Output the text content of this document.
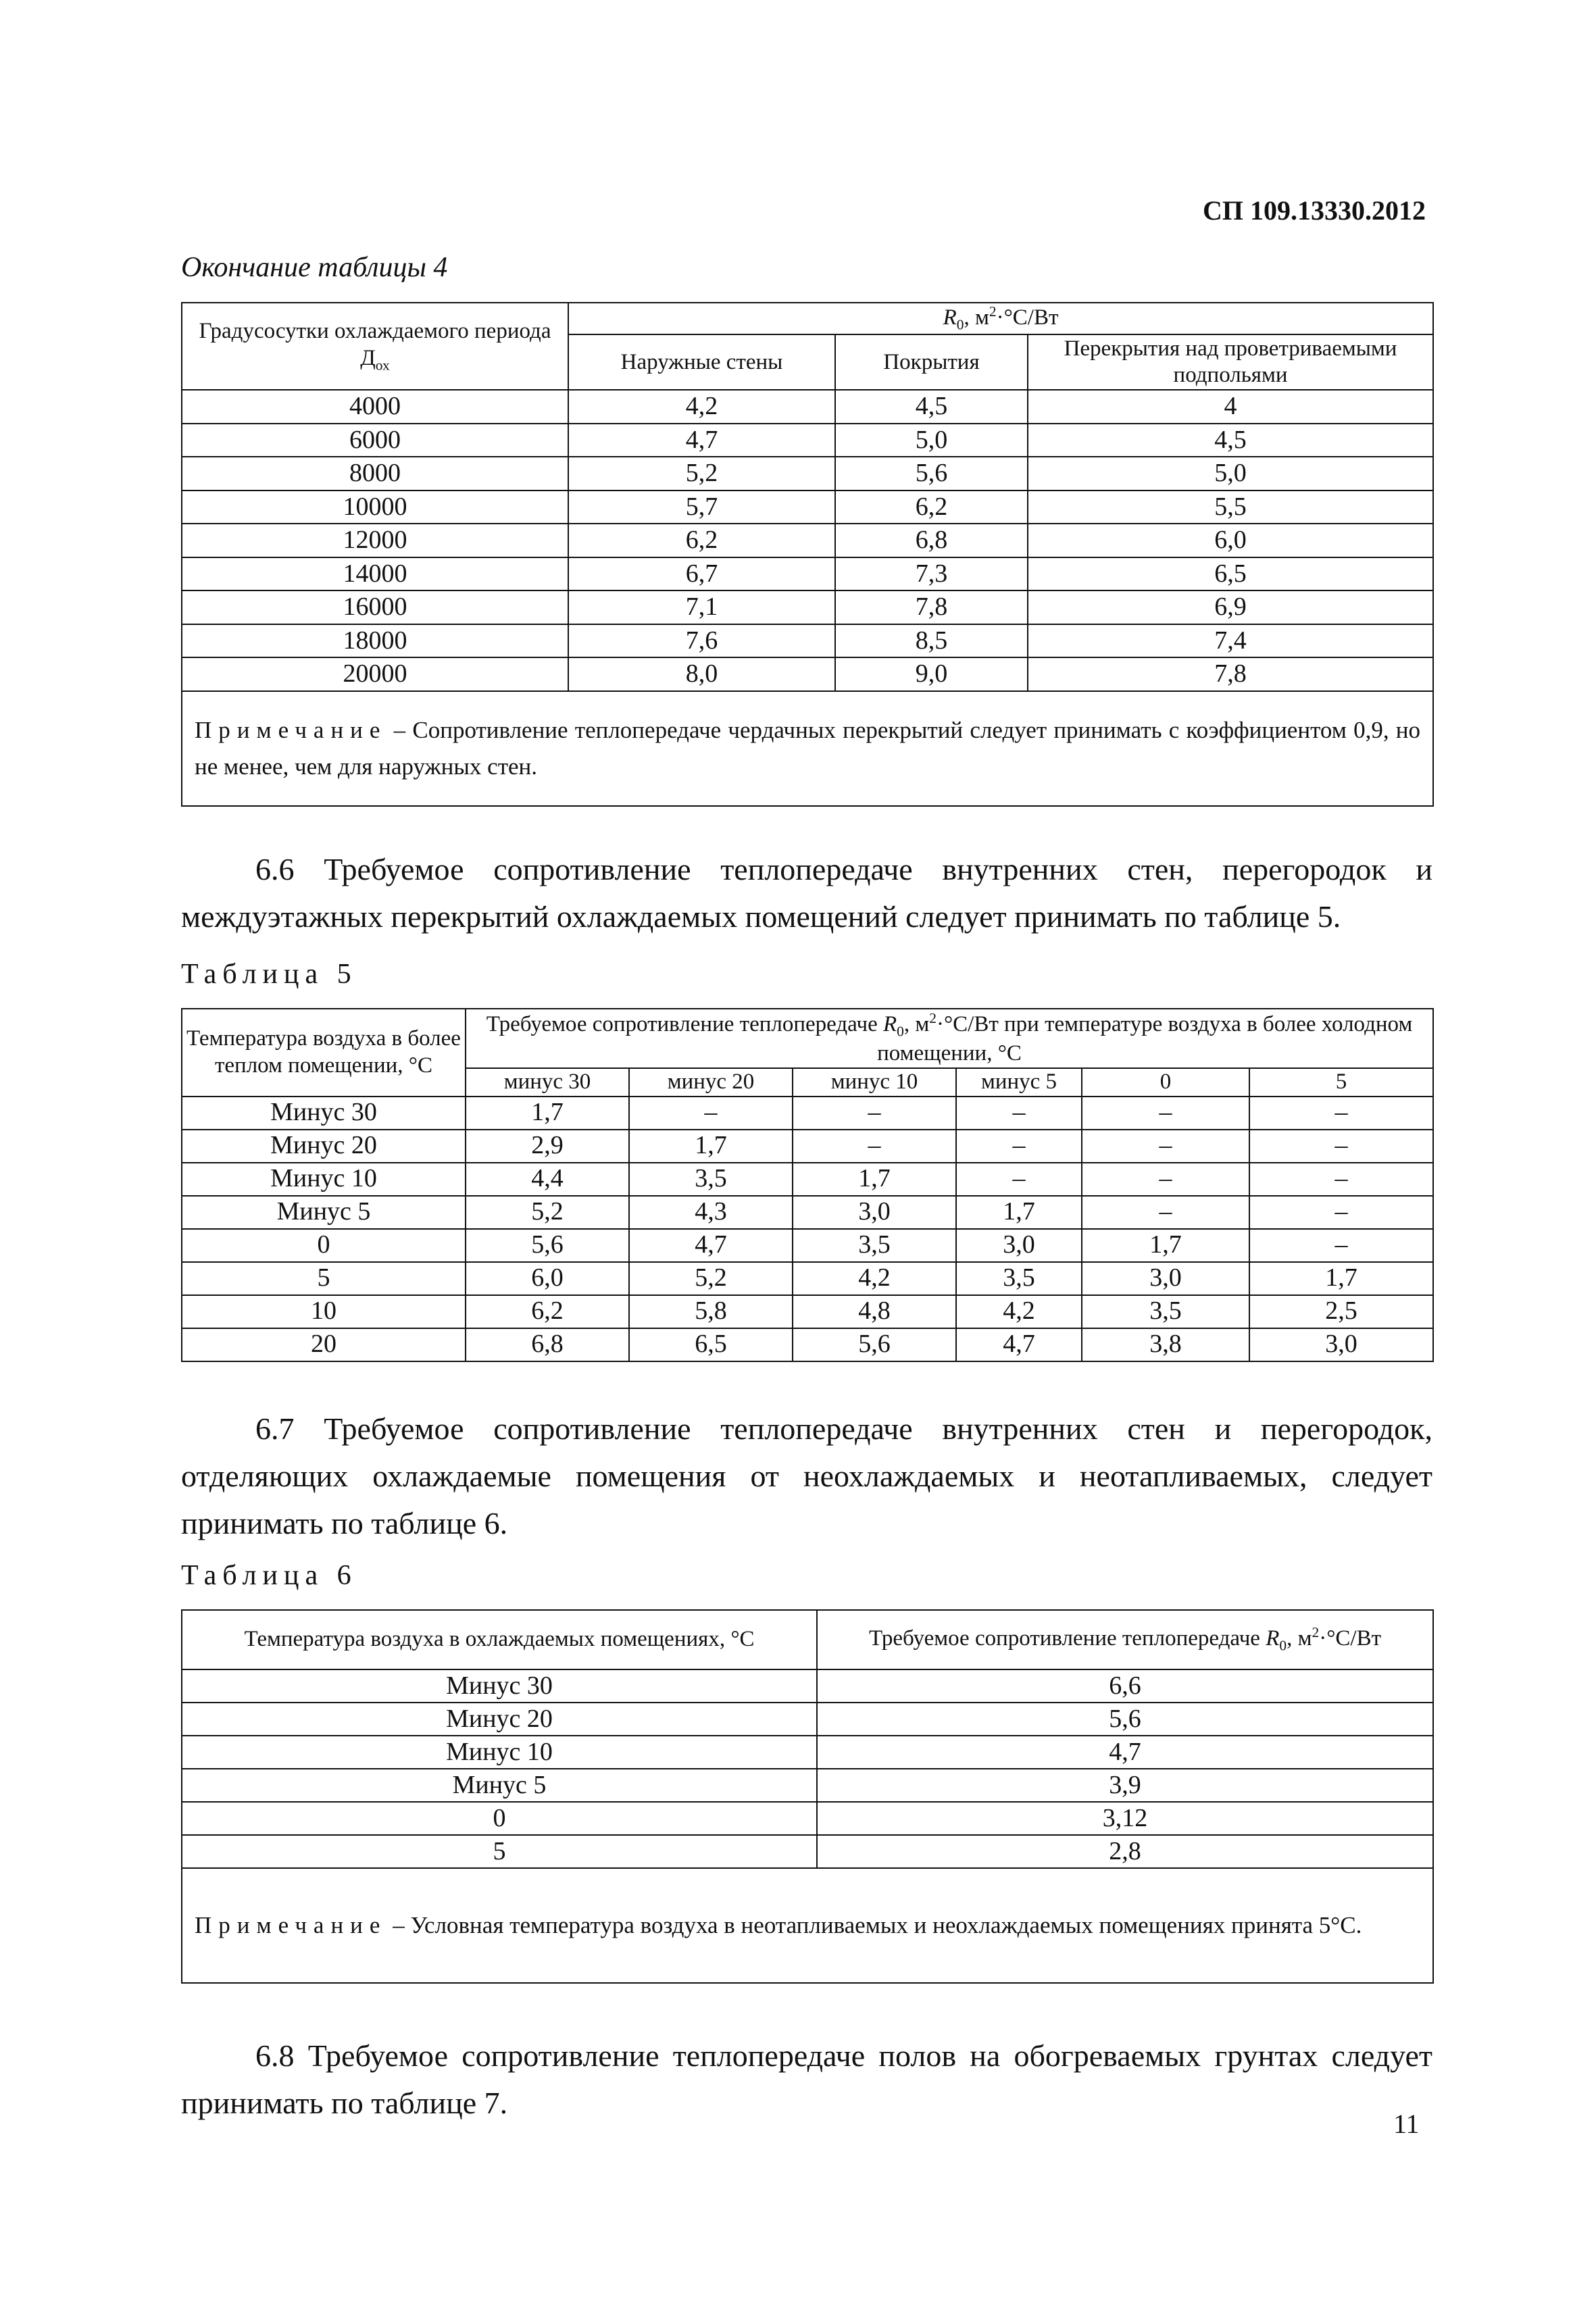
СП 109.13330.2012
Окончание таблицы 4
Градусосутки охлаждаемого периода $Д_{ох}$	$R_0$, $м^2\cdot^\circ С/Вт$		
	Наружные стены	Покрытия	Перекрытия над проветриваемыми подпольями
4000	4,2	4,5	4
6000	4,7	5,0	4,5
8000	5,2	5,6	5,0
10000	5,7	6,2	5,5
12000	6,2	6,8	6,0
14000	6,7	7,3	6,5
16000	7,1	7,8	6,9
18000	7,6	8,5	7,4
20000	8,0	9,0	7,8
Примечание – Сопротивление теплопередаче чердачных перекрытий следует принимать с коэффициентом 0,9, но не менее, чем для наружных стен.			
6.6 Требуемое сопротивление теплопередаче внутренних стен, перегородок и междуэтажных перекрытий охлаждаемых помещений следует принимать по таблице 5.
Таблица 5
Температура воздуха в более теплом помещении, °С	Требуемое сопротивление теплопередаче $R_0$, $м^2\cdot^\circ С/Вт$ при температуре воздуха в более холодном помещении, °С					
	минус 30	минус 20	минус 10	минус 5	0	5
Минус 30	1,7	–	–	–	–	–
Минус 20	2,9	1,7	–	–	–	–
Минус 10	4,4	3,5	1,7	–	–	–
Минус 5	5,2	4,3	3,0	1,7	–	–
0	5,6	4,7	3,5	3,0	1,7	–
5	6,0	5,2	4,2	3,5	3,0	1,7
10	6,2	5,8	4,8	4,2	3,5	2,5
20	6,8	6,5	5,6	4,7	3,8	3,0
6.7 Требуемое сопротивление теплопередаче внутренних стен и перегородок, отделяющих охлаждаемые помещения от неохлаждаемых и неотапливаемых, следует принимать по таблице 6.
Таблица 6
Температура воздуха в охлаждаемых помещениях, °С	Требуемое сопротивление теплопередаче $R_0$, $м^2\cdot^\circ С/Вт$
Минус 30	6,6
Минус 20	5,6
Минус 10	4,7
Минус 5	3,9
0	3,12
5	2,8
Примечание – Условная температура воздуха в неотапливаемых и неохлаждаемых помещениях принята 5°С.	
6.8 Требуемое сопротивление теплопередаче полов на обогреваемых грунтах следует принимать по таблице 7.
11
